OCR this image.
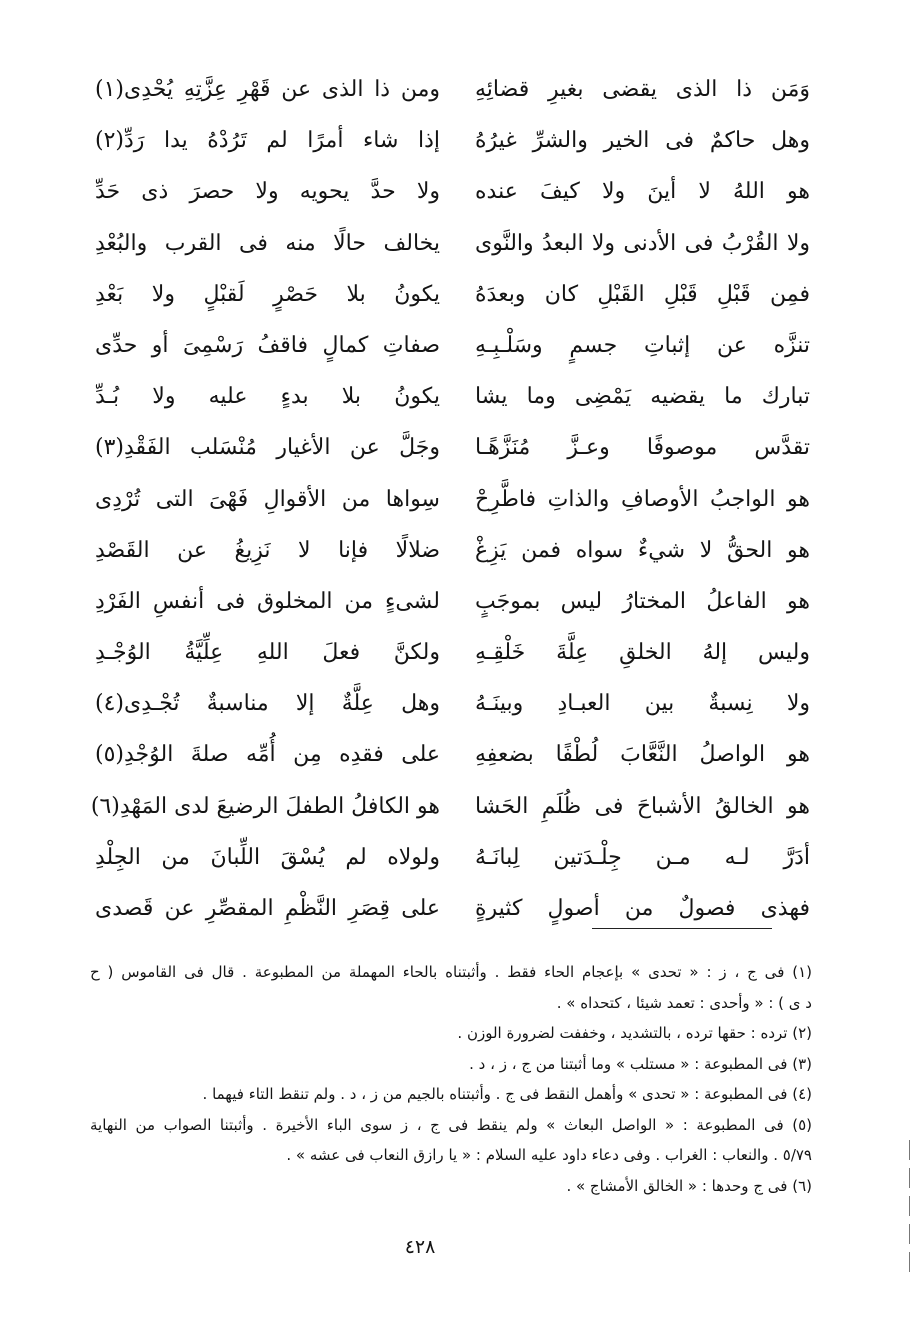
وَمَن ذا الذى يقضى بغيرِ قضائِهِ
ومن ذا الذى عن قَهْرِ عِزَّتِهِ يُحْدِى(١)
وهل حاكمٌ فى الخير والشرِّ غيرُهُ
إذا شاء أمرًا لم تَرُدْهُ يدا رَدِّ(٢)
هو اللهُ لا أينَ ولا كيفَ عنده
ولا حدَّ يحويه ولا حصرَ ذى حَدِّ
ولا القُرْبُ فى الأدنى ولا البعدُ والنَّوى
يخالف حالًا منه فى القرب والبُعْدِ
فمِن قَبْلِ قَبْلِ القَبْلِ كان وبعدَهُ
يكونُ بلا حَصْرٍ لَقبْلٍ ولا بَعْدِ
تنزَّه عن إثباتِ جسمٍ وسَلْـبِـهِ
صفاتِ كمالٍ فاقفُ رَسْمِىَ أو حدِّى
تبارك ما يقضيه يَمْضِى وما يشا
يكونُ بلا بدءٍ عليه ولا بُـدِّ
تقدَّس موصوفًا وعـزَّ مُنَزَّهًـا
وجَلَّ عن الأغيار مُنْسَلب الفَقْدِ(٣)
هو الواجبُ الأوصافِ والذاتِ فاطَّرِحْ
سِواها من الأقوالِ فَهْىَ التى تُرْدِى
هو الحقُّ لا شيءٌ سواه فمن يَزِغْ
ضلالًا فإنا لا نَزِيغُ عن القَصْدِ
هو الفاعلُ المختارُ ليس بموجَبٍ
لشىءٍ من المخلوق فى أنفسِ الفَرْدِ
وليس إلهُ الخلقِ عِلَّةَ خَلْقِـهِ
ولكنَّ فعلَ اللهِ عِلِّيَّةُ الوُجْـدِ
ولا نِسبةٌ بين العبـادِ وبينَـهُ
وهل عِلَّةٌ إلا مناسبةٌ تُجْـدِى(٤)
هو الواصلُ النَّعَّابَ لُطْفًا بضعفِهِ
على فقدِه مِن أُمِّه صلةَ الوُجْدِ(٥)
هو الخالقُ الأشباحَ فى ظُلَمِ الحَشا
هو الكافلُ الطفلَ الرضيعَ لدى المَهْدِ(٦)
أدَرَّ لـه مـن جِلْـدَتين لِبانَـهُ
ولولاه لم يُسْقَ اللِّبانَ من الجِلْدِ
فهذى فصولٌ من أصولٍ كثيرةٍ
على قِصَرِ النَّظْمِ المقصِّرِ عن قَصدى
(١) فى ج ، ز : « تحدى » بإعجام الحاء فقط . وأثبتناه بالحاء المهملة من المطبوعة . قال فى القاموس ( ح
د ى ) : « وأحدى : تعمد شيئا ، كتحداه » .
(٢) ترده : حقها ترده ، بالتشديد ، وخففت لضرورة الوزن .
(٣) فى المطبوعة : « مستلب » وما أثبتنا من ج ، ز ، د .
(٤) فى المطبوعة : « تحدى » وأهمل النقط فى ج . وأثبتناه بالجيم من ز ، د . ولم تنقط التاء فيهما .
(٥) فى المطبوعة : « الواصل البعاث » ولم ينقط فى ج ، ز سوى الباء الأخيرة . وأثبتنا الصواب من النهاية
٥/٧٩ . والنعاب : الغراب . وفى دعاء داود عليه السلام : « يا رازق النعاب فى عشه » .
(٦) فى ج وحدها : « الخالق الأمشاج » .
٤٢٨
